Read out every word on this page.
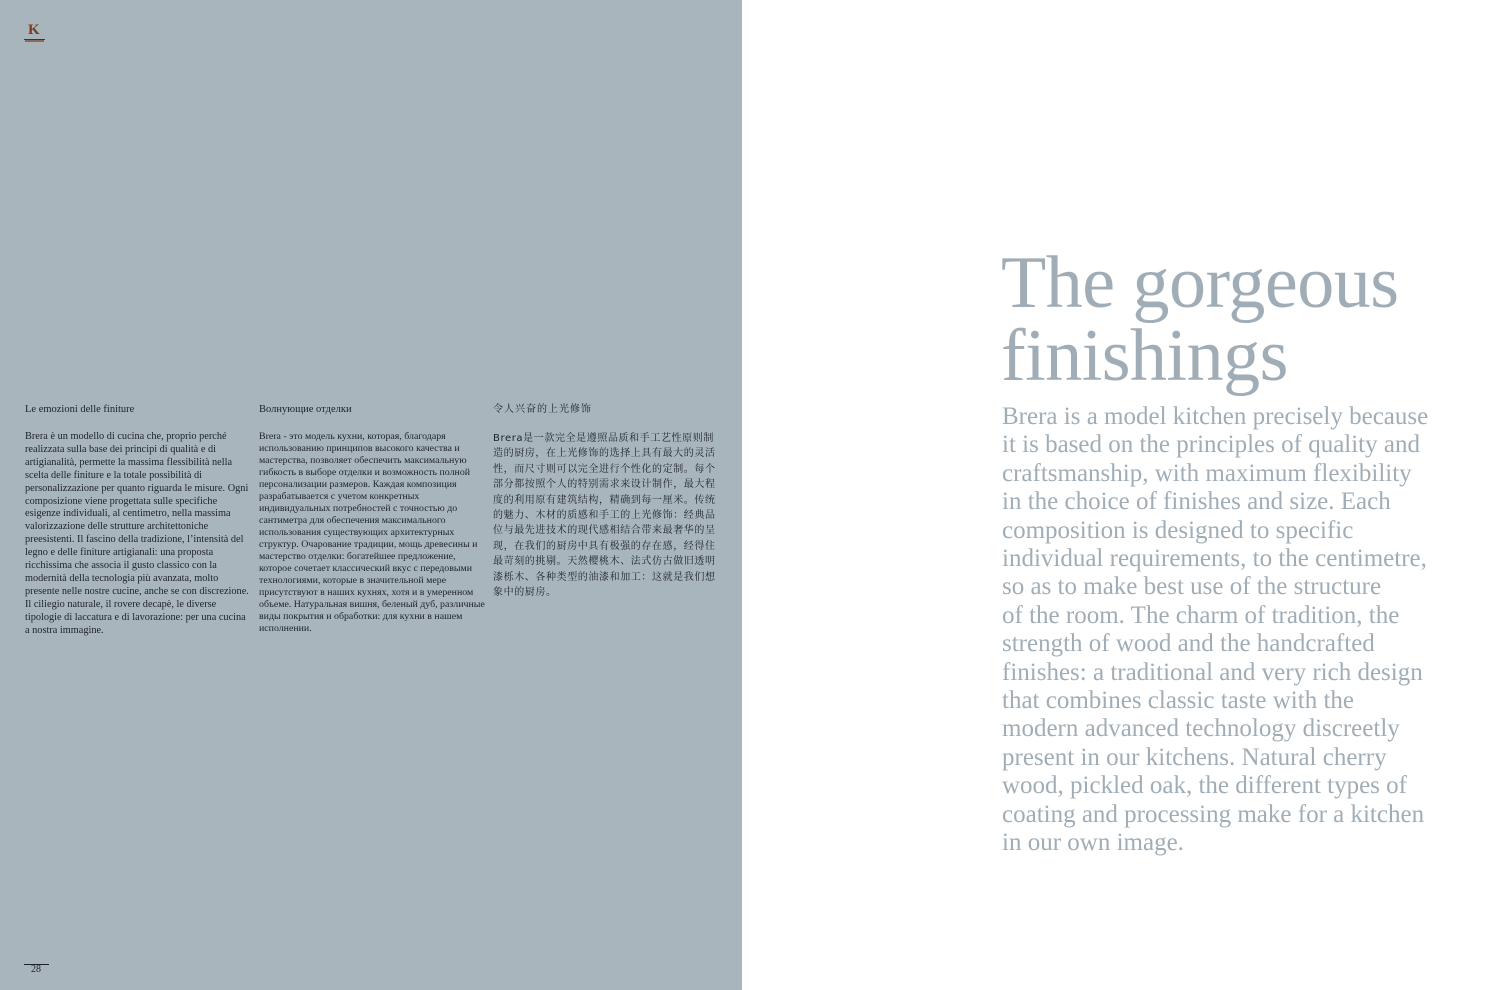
K
Le emozioni delle finiture

Brera è un modello di cucina che, proprio perché realizzata sulla base dei principi di qualità e di artigianalità, permette la massima flessibilità nella scelta delle finiture e la totale possibilità di personalizzazione per quanto riguarda le misure. Ogni composizione viene progettata sulle specifiche esigenze individuali, al centimetro, nella massima valorizzazione delle strutture architettoniche preesistenti. Il fascino della tradizione, l’intensità del legno e delle finiture artigianali: una proposta ricchissima che associa il gusto classico con la modernità della tecnologia più avanzata, molto presente nelle nostre cucine, anche se con discrezione. Il ciliegio naturale, il rovere decapè, le diverse tipologie di laccatura e di lavorazione: per una cucina a nostra immagine.

Волнующие отделки

Brera - это модель кухни, которая, благодаря использованию принципов высокого качества и мастерства, позволяет обеспечить максимальную гибкость в выборе отделки и возможность полной персонализации размеров. Каждая композиция разрабатывается с учетом конкретных индивидуальных потребностей с точностью до сантиметра для обеспечения максимального использования существующих архитектурных структур. Очарование традиции, мощь древесины и мастерство отделки: богатейшее предложение, которое сочетает классический вкус с передовыми технологиями, которые в значительной мере присутствуют в наших кухнях, хотя и в умеренном объеме. Натуральная вишня, беленый дуб, различные виды покрытия и обработки: для кухни в нашем исполнении.

令人兴奋的上光修饰

Brera是一款完全是遵照品质和手工艺性原则制造的厨房，在上光修饰的选择上具有最大的灵活性，而尺寸则可以完全进行个性化的定制。每个部分都按照个人的特别需求来设计制作，最大程度的利用原有建筑结构，精确到每一厘米。传统的魅力、木材的质感和手工的上光修饰：经典品位与最先进技术的现代感相结合带来最奢华的呈现，在我们的厨房中具有极强的存在感，经得住最苛刻的挑剔。天然樱桃木、法式仿古做旧透明漆栎木、各种类型的油漆和加工：这就是我们想象中的厨房。

28
The gorgeous
finishings

Brera is a model kitchen precisely because
it is based on the principles of quality and
craftsmanship, with maximum flexibility
in the choice of finishes and size. Each
composition is designed to specific
individual requirements, to the centimetre,
so as to make best use of the structure
of the room. The charm of tradition, the
strength of wood and the handcrafted
finishes: a traditional and very rich design
that combines classic taste with the
modern advanced technology discreetly
present in our kitchens. Natural cherry
wood, pickled oak, the different types of
coating and processing make for a kitchen
in our own image.
